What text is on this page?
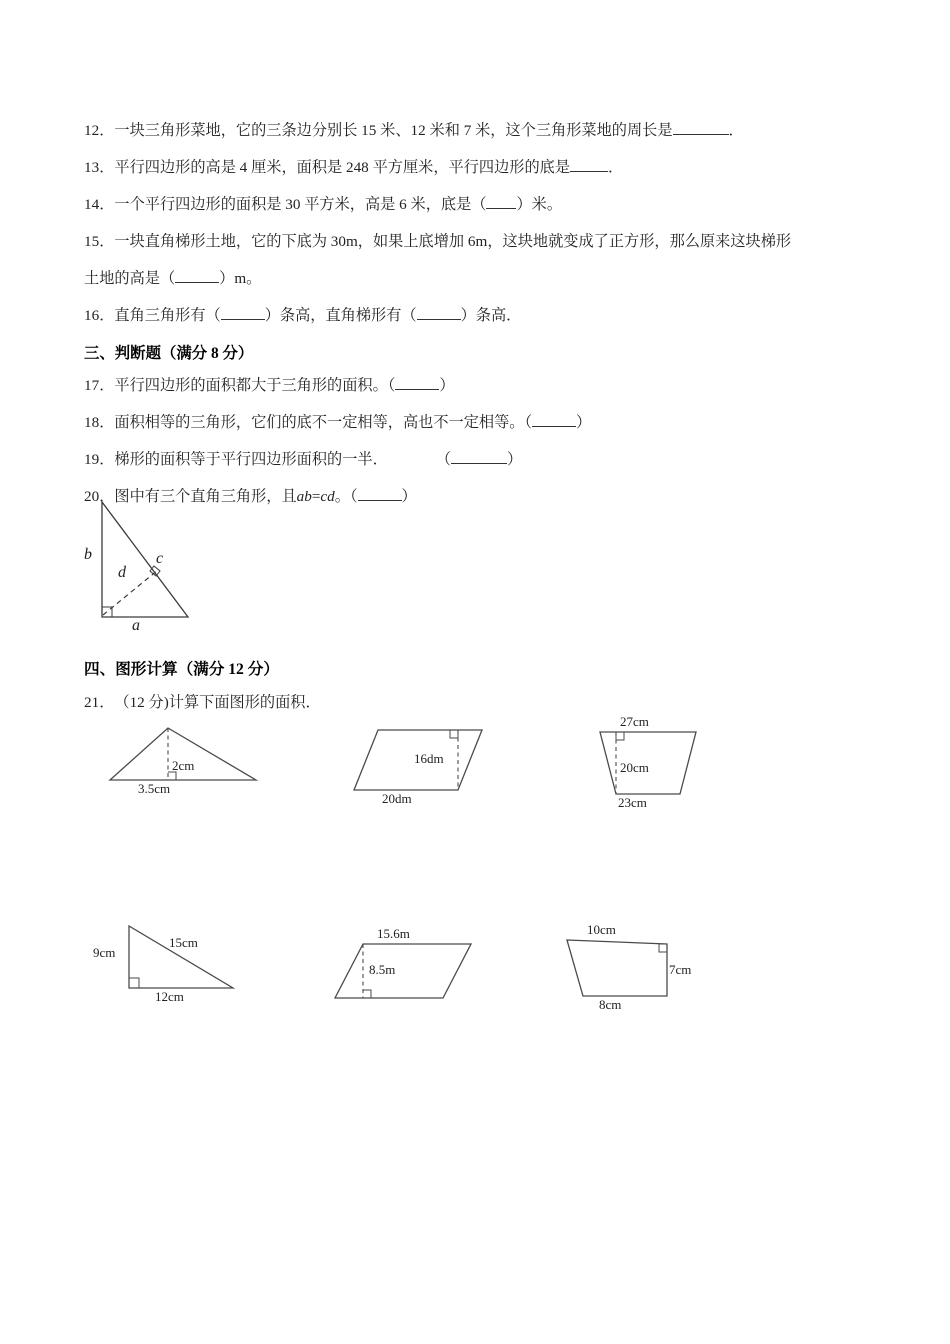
12．一块三角形菜地，它的三条边分别长 15 米、12 米和 7 米，这个三角形菜地的周长是	．
13．平行四边形的高是 4 厘米，面积是 248 平方厘米，平行四边形的底是	．
14．一个平行四边形的面积是 30 平方米，高是 6 米，底是（ ）米。
15．一块直角梯形土地，它的下底为 30m，如果上底增加 6m，这块地就变成了正方形，那么原来这块梯形
土地的高是（	）m。
16．直角三角形有（	）条高，直角梯形有（	）条高．
三、判断题（满分 8 分）
17．平行四边形的面积都大于三角形的面积。（	）
18．面积相等的三角形，它们的底不一定相等，高也不一定相等。（	）
19．梯形的面积等于平行四边形面积的一半．	（	）
20．图中有三个直角三角形，且ab=cd。（	）
b
d
c
a
四、图形计算（满分 12 分）
21．（12 分)计算下面图形的面积．
2cm
3.5cm
16dm
20dm
27cm
20cm
23cm
9cm
15cm
12cm
15.6m
8.5m
10cm
7cm
8cm
